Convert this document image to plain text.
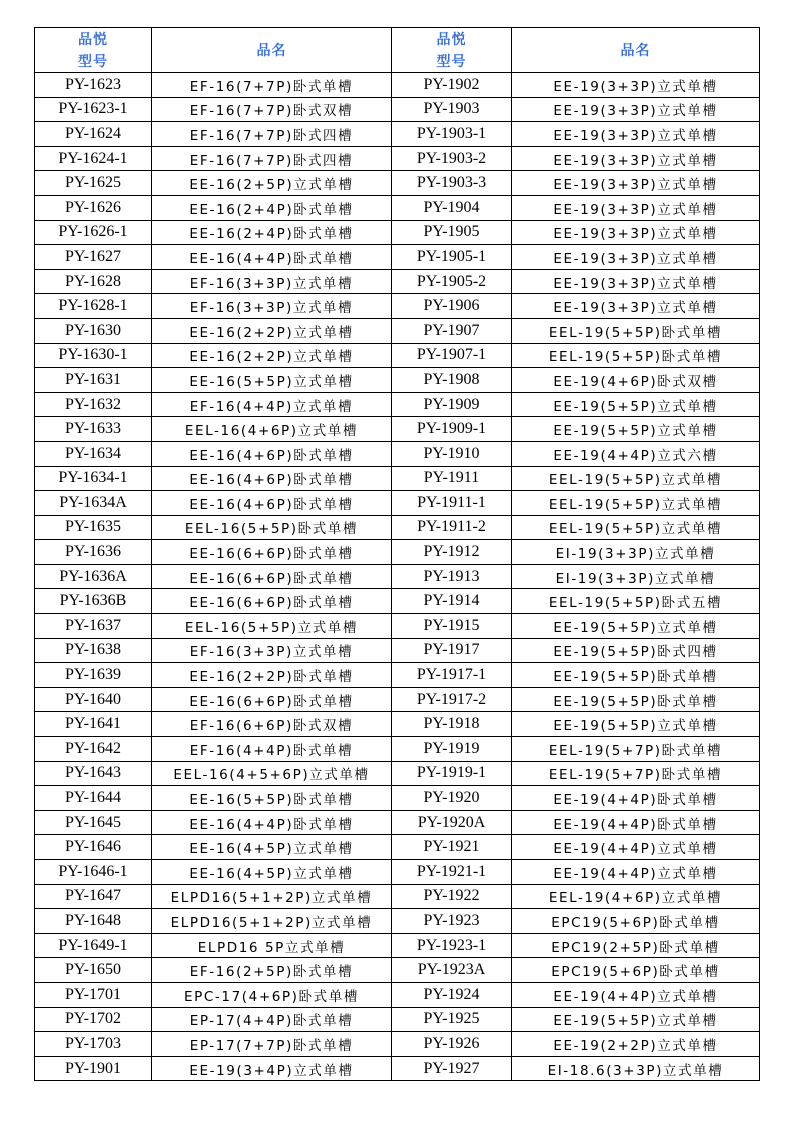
品悦	品名	品悦	品名
型号		型号	
PY-1623	EF-16(7+7P)卧式单槽	PY-1902	EE-19(3+3P)立式单槽
PY-1623-1	EF-16(7+7P)卧式双槽	PY-1903	EE-19(3+3P)立式单槽
PY-1624	EF-16(7+7P)卧式四槽	PY-1903-1	EE-19(3+3P)立式单槽
PY-1624-1	EF-16(7+7P)卧式四槽	PY-1903-2	EE-19(3+3P)立式单槽
PY-1625	EE-16(2+5P)立式单槽	PY-1903-3	EE-19(3+3P)立式单槽
PY-1626	EE-16(2+4P)卧式单槽	PY-1904	EE-19(3+3P)立式单槽
PY-1626-1	EE-16(2+4P)卧式单槽	PY-1905	EE-19(3+3P)立式单槽
PY-1627	EE-16(4+4P)卧式单槽	PY-1905-1	EE-19(3+3P)立式单槽
PY-1628	EF-16(3+3P)立式单槽	PY-1905-2	EE-19(3+3P)立式单槽
PY-1628-1	EF-16(3+3P)立式单槽	PY-1906	EE-19(3+3P)立式单槽
PY-1630	EE-16(2+2P)立式单槽	PY-1907	EEL-19(5+5P)卧式单槽
PY-1630-1	EE-16(2+2P)立式单槽	PY-1907-1	EEL-19(5+5P)卧式单槽
PY-1631	EE-16(5+5P)立式单槽	PY-1908	EE-19(4+6P)卧式双槽
PY-1632	EF-16(4+4P)立式单槽	PY-1909	EE-19(5+5P)立式单槽
PY-1633	EEL-16(4+6P)立式单槽	PY-1909-1	EE-19(5+5P)立式单槽
PY-1634	EE-16(4+6P)卧式单槽	PY-1910	EE-19(4+4P)立式六槽
PY-1634-1	EE-16(4+6P)卧式单槽	PY-1911	EEL-19(5+5P)立式单槽
PY-1634A	EE-16(4+6P)卧式单槽	PY-1911-1	EEL-19(5+5P)立式单槽
PY-1635	EEL-16(5+5P)卧式单槽	PY-1911-2	EEL-19(5+5P)立式单槽
PY-1636	EE-16(6+6P)卧式单槽	PY-1912	EI-19(3+3P)立式单槽
PY-1636A	EE-16(6+6P)卧式单槽	PY-1913	EI-19(3+3P)立式单槽
PY-1636B	EE-16(6+6P)卧式单槽	PY-1914	EEL-19(5+5P)卧式五槽
PY-1637	EEL-16(5+5P)立式单槽	PY-1915	EE-19(5+5P)立式单槽
PY-1638	EF-16(3+3P)立式单槽	PY-1917	EE-19(5+5P)卧式四槽
PY-1639	EE-16(2+2P)卧式单槽	PY-1917-1	EE-19(5+5P)卧式单槽
PY-1640	EE-16(6+6P)卧式单槽	PY-1917-2	EE-19(5+5P)卧式单槽
PY-1641	EF-16(6+6P)卧式双槽	PY-1918	EE-19(5+5P)立式单槽
PY-1642	EF-16(4+4P)卧式单槽	PY-1919	EEL-19(5+7P)卧式单槽
PY-1643	EEL-16(4+5+6P)立式单槽	PY-1919-1	EEL-19(5+7P)卧式单槽
PY-1644	EE-16(5+5P)卧式单槽	PY-1920	EE-19(4+4P)卧式单槽
PY-1645	EE-16(4+4P)卧式单槽	PY-1920A	EE-19(4+4P)卧式单槽
PY-1646	EE-16(4+5P)立式单槽	PY-1921	EE-19(4+4P)立式单槽
PY-1646-1	EE-16(4+5P)立式单槽	PY-1921-1	EE-19(4+4P)立式单槽
PY-1647	ELPD16(5+1+2P)立式单槽	PY-1922	EEL-19(4+6P)立式单槽
PY-1648	ELPD16(5+1+2P)立式单槽	PY-1923	EPC19(5+6P)卧式单槽
PY-1649-1	ELPD16 5P立式单槽	PY-1923-1	EPC19(2+5P)卧式单槽
PY-1650	EF-16(2+5P)卧式单槽	PY-1923A	EPC19(5+6P)卧式单槽
PY-1701	EPC-17(4+6P)卧式单槽	PY-1924	EE-19(4+4P)立式单槽
PY-1702	EP-17(4+4P)卧式单槽	PY-1925	EE-19(5+5P)立式单槽
PY-1703	EP-17(7+7P)卧式单槽	PY-1926	EE-19(2+2P)立式单槽
PY-1901	EE-19(3+4P)立式单槽	PY-1927	EI-18.6(3+3P)立式单槽
